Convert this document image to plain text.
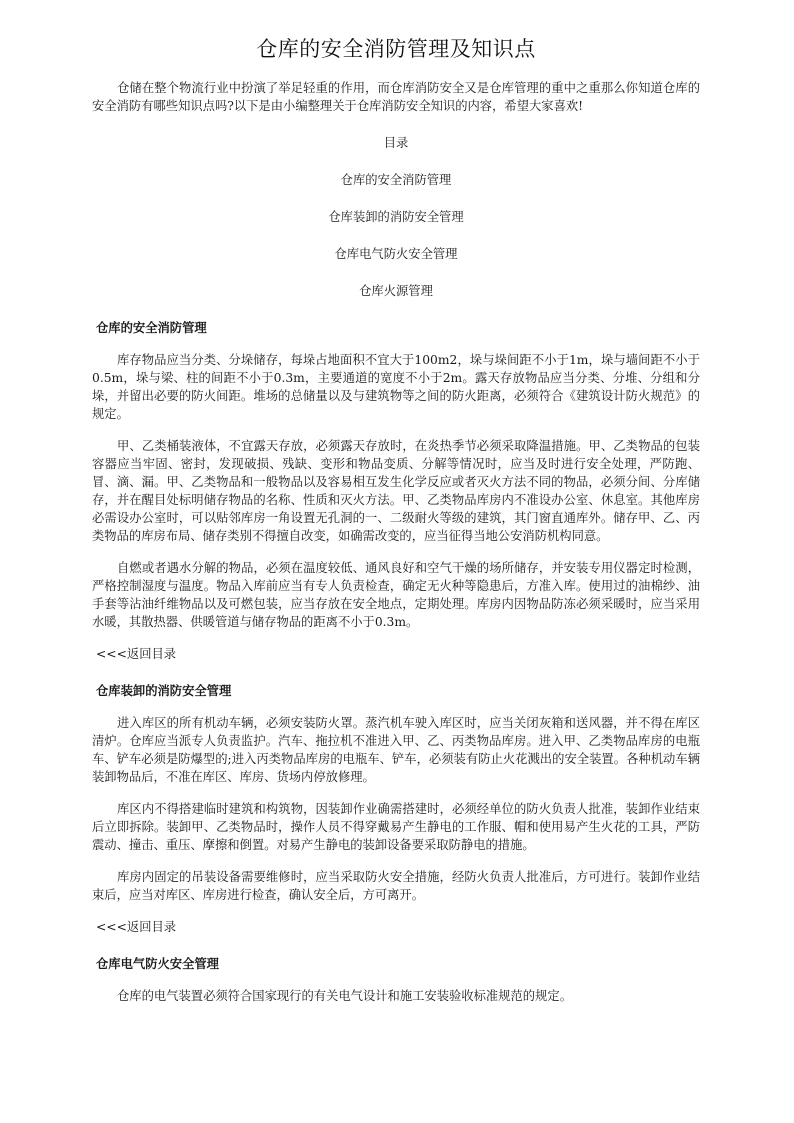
仓库的安全消防管理及知识点

仓储在整个物流行业中扮演了举足轻重的作用，而仓库消防安全又是仓库管理的重中之重那么你知道仓库的安全消防有哪些知识点吗?以下是由小编整理关于仓库消防安全知识的内容，希望大家喜欢!

目录

仓库的安全消防管理

仓库装卸的消防安全管理

仓库电气防火安全管理

仓库火源管理

仓库的安全消防管理

库存物品应当分类、分垛储存，每垛占地面积不宜大于100m2，垛与垛间距不小于1m，垛与墙间距不小于0.5m，垛与梁、柱的间距不小于0.3m，主要通道的宽度不小于2m。露天存放物品应当分类、分堆、分组和分垛，并留出必要的防火间距。堆场的总储量以及与建筑物等之间的防火距离，必须符合《建筑设计防火规范》的规定。

甲、乙类桶装液体，不宜露天存放，必须露天存放时，在炎热季节必须采取降温措施。甲、乙类物品的包装容器应当牢固、密封，发现破损、残缺、变形和物品变质、分解等情况时，应当及时进行安全处理，严防跑、冒、滴、漏。甲、乙类物品和一般物品以及容易相互发生化学反应或者灭火方法不同的物品，必须分间、分库储存，并在醒目处标明储存物品的名称、性质和灭火方法。甲、乙类物品库房内不准设办公室、休息室。其他库房必需设办公室时，可以贴邻库房一角设置无孔洞的一、二级耐火等级的建筑，其门窗直通库外。储存甲、乙、丙类物品的库房布局、储存类别不得擅自改变，如确需改变的，应当征得当地公安消防机构同意。

自燃或者遇水分解的物品，必须在温度较低、通风良好和空气干燥的场所储存，并安装专用仪器定时检测，严格控制湿度与温度。物品入库前应当有专人负责检查，确定无火种等隐患后，方准入库。使用过的油棉纱、油手套等沾油纤维物品以及可燃包装，应当存放在安全地点，定期处理。库房内因物品防冻必须采暖时，应当采用水暖，其散热器、供暖管道与储存物品的距离不小于0.3m。

<<<返回目录

仓库装卸的消防安全管理

进入库区的所有机动车辆，必须安装防火罩。蒸汽机车驶入库区时，应当关闭灰箱和送风器，并不得在库区清炉。仓库应当派专人负责监护。汽车、拖拉机不准进入甲、乙、丙类物品库房。进入甲、乙类物品库房的电瓶车、铲车必须是防爆型的;进入丙类物品库房的电瓶车、铲车，必须装有防止火花溅出的安全装置。各种机动车辆装卸物品后，不准在库区、库房、货场内停放修理。

库区内不得搭建临时建筑和构筑物，因装卸作业确需搭建时，必须经单位的防火负责人批准，装卸作业结束后立即拆除。装卸甲、乙类物品时，操作人员不得穿戴易产生静电的工作服、帽和使用易产生火花的工具，严防震动、撞击、重压、摩擦和倒置。对易产生静电的装卸设备要采取防静电的措施。

库房内固定的吊装设备需要维修时，应当采取防火安全措施，经防火负责人批准后，方可进行。装卸作业结束后，应当对库区、库房进行检查，确认安全后，方可离开。

<<<返回目录

仓库电气防火安全管理

仓库的电气装置必须符合国家现行的有关电气设计和施工安装验收标准规范的规定。
